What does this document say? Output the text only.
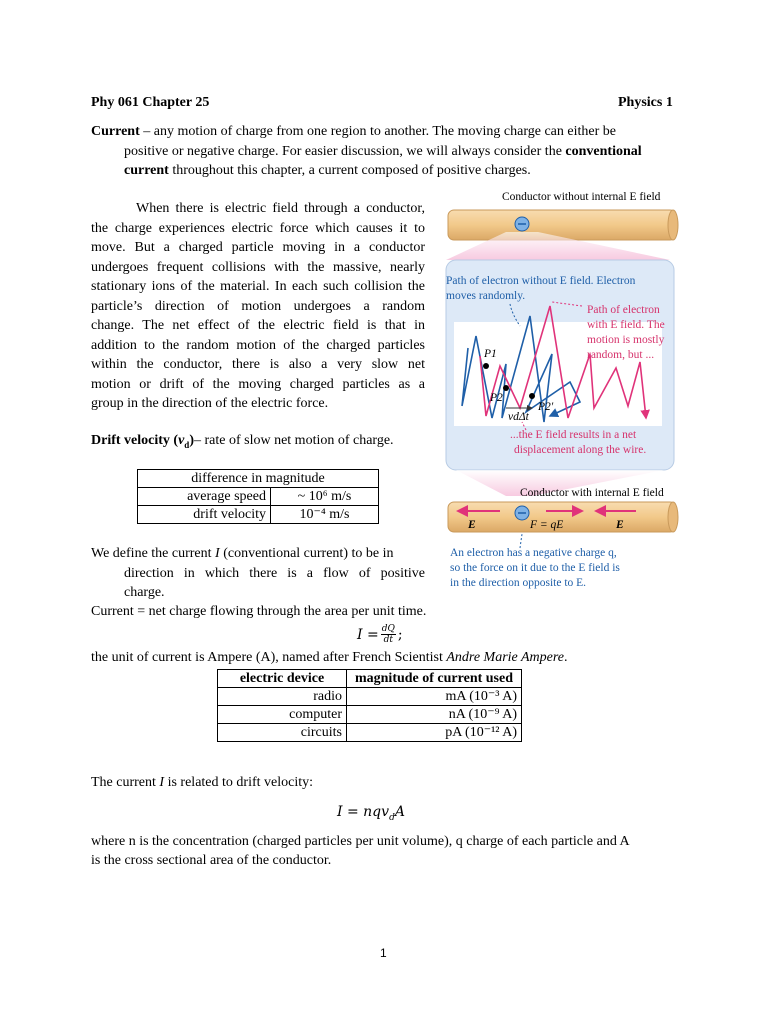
Phy 061 Chapter 25	Physics 1
Current – any motion of charge from one region to another. The moving charge can either be
positive or negative charge. For easier discussion, we will always consider the conventional
current throughout this chapter, a current composed of positive charges.

When there is electric field through a conductor,

the charge experiences electric force which causes it to

move. But a charged particle moving in a conductor

undergoes frequent collisions with the massive, nearly

stationary ions of the material. In each such collision the

particle’s direction of motion undergoes a random

change. The net effect of the electric field is that in

addition to the random motion of the charged particles

within the conductor, there is also a very slow net

motion or drift of the moving charged particles as a

group in the direction of the electric force.

Drift velocity $(v_d)-$ rate of slow net motion of charge.
difference in magnitude	
average speed	~ 10⁶ m/s
drift velocity	10⁻⁴ m/s
We define the current I (conventional current) to be in
direction in which there is a flow of positive
charge.
Current = net charge flowing through the area per unit time.
$I = \frac{dQ}{dt}$ ;
the unit of current is Ampere (A), named after French Scientist Andre Marie Ampere.
electric device	magnitude of current used
radio	mA (10⁻³ A)
computer	nA (10⁻⁹ A)
circuits	pA (10⁻¹² A)
The current I is related to drift velocity:
I = nqv$_d$A
where n is the concentration (charged particles per unit volume), q charge of each particle and A
is the cross sectional area of the conductor.
1
Conductor without internal E field
Path of electron without E field. Electron
moves randomly.
Path of electron
with E field. The
motion is mostly
random, but ...
P1
P2
P2'
vdΔt
...the E field results in a net
displacement along the wire.
Conductor with internal E field
E	F = qE	E
An electron has a negative charge q,
so the force on it due to the E field is
in the direction opposite to E.
